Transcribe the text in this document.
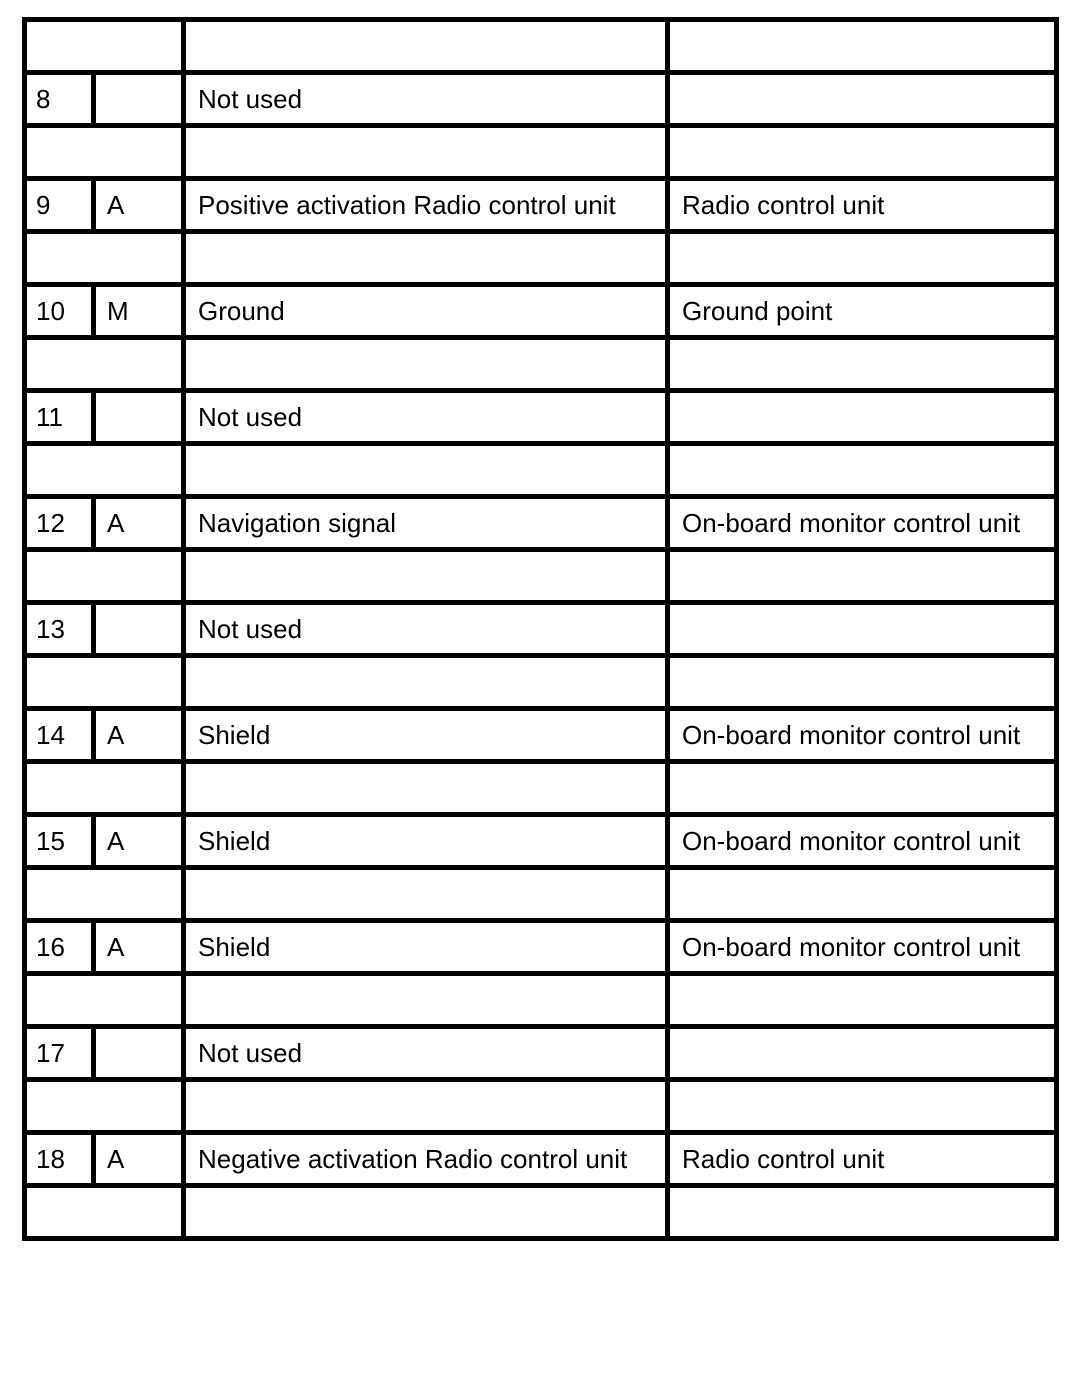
8		Not used	

9	A	Positive activation Radio control unit	Radio control unit

10	M	Ground	Ground point

11		Not used	

12	A	Navigation signal	On-board monitor control unit

13		Not used	

14	A	Shield	On-board monitor control unit

15	A	Shield	On-board monitor control unit

16	A	Shield	On-board monitor control unit

17		Not used	

18	A	Negative activation Radio control unit	Radio control unit
